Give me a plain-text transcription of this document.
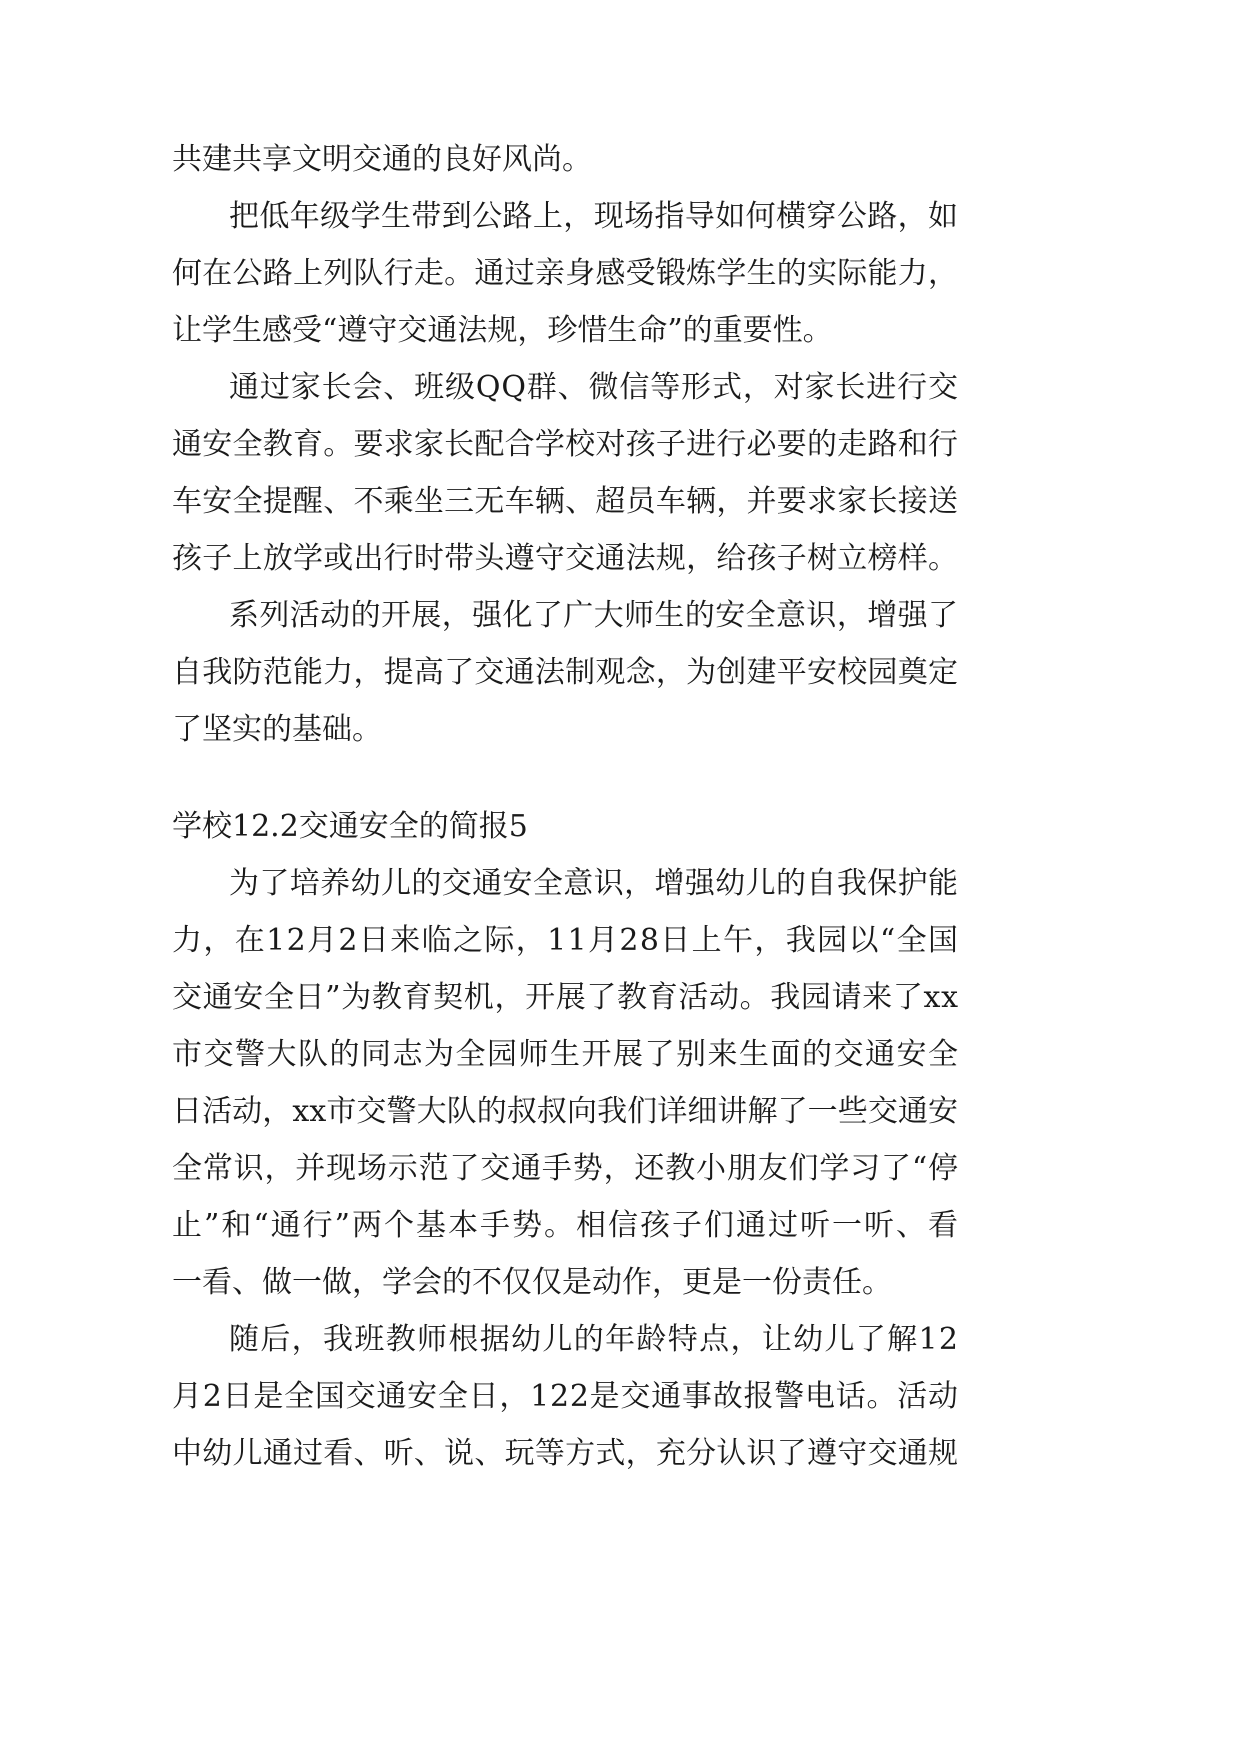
共建共享文明交通的良好风尚。
把低年级学生带到公路上，现场指导如何横穿公路，如
何在公路上列队行走。通过亲身感受锻炼学生的实际能力，
让学生感受“遵守交通法规，珍惜生命”的重要性。
通过家长会、班级QQ群、微信等形式，对家长进行交
通安全教育。要求家长配合学校对孩子进行必要的走路和行
车安全提醒、不乘坐三无车辆、超员车辆，并要求家长接送
孩子上放学或出行时带头遵守交通法规，给孩子树立榜样。
系列活动的开展，强化了广大师生的安全意识，增强了
自我防范能力，提高了交通法制观念，为创建平安校园奠定
了坚实的基础。
学校12.2交通安全的简报5
为了培养幼儿的交通安全意识，增强幼儿的自我保护能
力，在12月2日来临之际，11月28日上午，我园以“全国
交通安全日”为教育契机，开展了教育活动。我园请来了xx
市交警大队的同志为全园师生开展了别来生面的交通安全
日活动，xx市交警大队的叔叔向我们详细讲解了一些交通安
全常识，并现场示范了交通手势，还教小朋友们学习了“停
止”和“通行”两个基本手势。相信孩子们通过听一听、看
一看、做一做，学会的不仅仅是动作，更是一份责任。
随后，我班教师根据幼儿的年龄特点，让幼儿了解12
月2日是全国交通安全日，122是交通事故报警电话。活动
中幼儿通过看、听、说、玩等方式，充分认识了遵守交通规
